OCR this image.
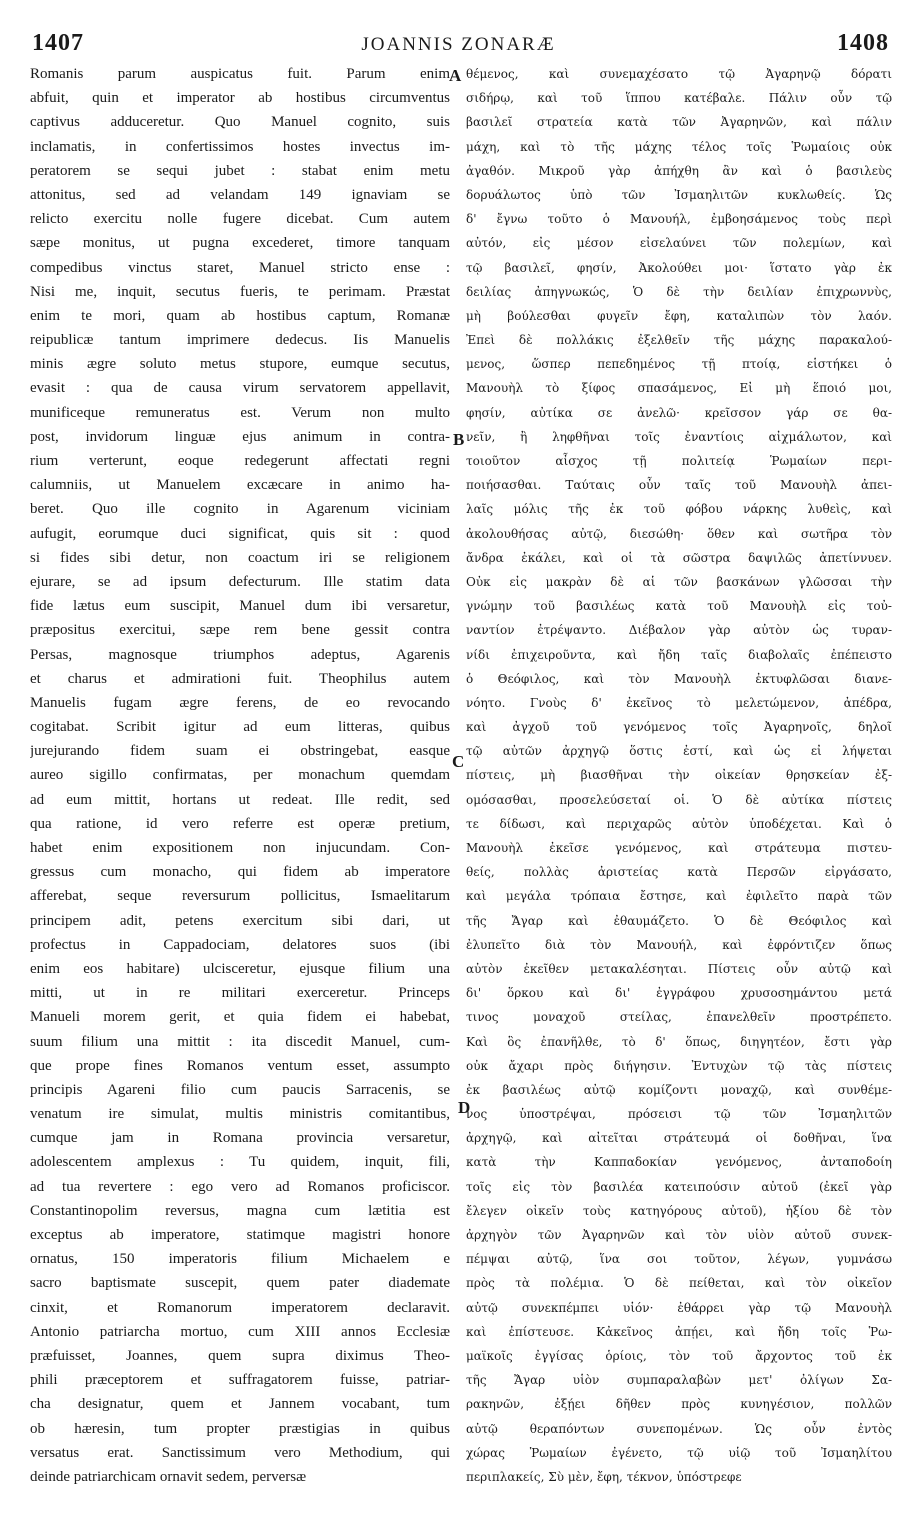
1407	JOANNIS ZONARÆ	1408
Romanis parum auspicatus fuit. Parum enim
abfuit, quin et imperator ab hostibus circumventus
captivus adduceretur. Quo Manuel cognito, suis
inclamatis, in confertissimos hostes invectus im-
peratorem se sequi jubet : stabat enim metu
attonitus, sed ad velandam 149 ignaviam se
relicto exercitu nolle fugere dicebat. Cum autem
sæpe monitus, ut pugna excederet, timore tanquam
compedibus vinctus staret, Manuel stricto ense :
Nisi me, inquit, secutus fueris, te perimam. Præstat
enim te mori, quam ab hostibus captum, Romanæ
reipublicæ tantum imprimere dedecus. Iis Manuelis
minis ægre soluto metus stupore, eumque secutus,
evasit : qua de causa virum servatorem appellavit,
munificeque remuneratus est. Verum non multo
post, invidorum linguæ ejus animum in contra-
rium verterunt, eoque redegerunt affectati regni
calumniis, ut Manuelem excæcare in animo ha-
beret. Quo ille cognito in Agarenum viciniam
aufugit, eorumque duci significat, quis sit : quod
si fides sibi detur, non coactum iri se religionem
ejurare, se ad ipsum defecturum. Ille statim data
fide lætus eum suscipit, Manuel dum ibi versaretur,
præpositus exercitui, sæpe rem bene gessit contra
Persas, magnosque triumphos adeptus, Agarenis
et charus et admirationi fuit. Theophilus autem
Manuelis fugam ægre ferens, de eo revocando
cogitabat. Scribit igitur ad eum litteras, quibus
jurejurando fidem suam ei obstringebat, easque
aureo sigillo confirmatas, per monachum quemdam
ad eum mittit, hortans ut redeat. Ille redit, sed
qua ratione, id vero referre est operæ pretium,
habet enim expositionem non injucundam. Con-
gressus cum monacho, qui fidem ab imperatore
afferebat, seque reversurum pollicitus, Ismaelitarum
principem adit, petens exercitum sibi dari, ut
profectus in Cappadociam, delatores suos (ibi
enim eos habitare) ulcisceretur, ejusque filium una
mitti, ut in re militari exerceretur. Princeps
Manueli morem gerit, et quia fidem ei habebat,
suum filium una mittit : ita discedit Manuel, cum-
que prope fines Romanos ventum esset, assumpto
principis Agareni filio cum paucis Sarracenis, se
venatum ire simulat, multis ministris comitantibus,
cumque jam in Romana provincia versaretur,
adolescentem amplexus : Tu quidem, inquit, fili,
ad tua revertere : ego vero ad Romanos proficiscor.
Constantinopolim reversus, magna cum lætitia est
exceptus ab imperatore, statimque magistri honore
ornatus, 150 imperatoris filium Michaelem e
sacro baptismate suscepit, quem pater diademate
cinxit, et Romanorum imperatorem declaravit.
Antonio patriarcha mortuo, cum XIII annos Ecclesiæ
præfuisset, Joannes, quem supra diximus Theo-
phili præceptorem et suffragatorem fuisse, patriar-
cha designatur, quem et Jannem vocabant, tum
ob hæresin, tum propter præstigias in quibus
versatus erat. Sanctissimum vero Methodium, qui
deinde patriarchicam ornavit sedem, perversæ
θέμενος, καὶ συνεμαχέσατο τῷ Ἀγαρηνῷ δόρατι
σιδήρῳ, καὶ τοῦ ἵππου κατέβαλε. Πάλιν οὖν τῷ
βασιλεῖ στρατεία κατὰ τῶν Ἀγαρηνῶν, καὶ πάλιν
μάχη, καὶ τὸ τῆς μάχης τέλος τοῖς Ῥωμαίοις οὐκ
ἀγαθόν. Μικροῦ γὰρ ἀπήχθη ἂν καὶ ὁ βασιλεὺς
δορυάλωτος ὑπὸ τῶν Ἰσμαηλιτῶν κυκλωθείς. Ὡς
δ' ἔγνω τοῦτο ὁ Μανουήλ, ἐμβοησάμενος τοὺς περὶ
αὐτόν, εἰς μέσον εἰσελαύνει τῶν πολεμίων, καὶ
τῷ βασιλεῖ, φησίν, Ἀκολούθει μοι· ἵστατο γὰρ ἐκ
δειλίας ἀπηγνωκώς, Ὁ δὲ τὴν δειλίαν ἐπιχρωννὺς,
μὴ βούλεσθαι φυγεῖν ἔφη, καταλιπὼν τὸν λαόν.
Ἐπεὶ δὲ πολλάκις ἐξελθεῖν τῆς μάχης παρακαλού-
μενος, ὥσπερ πεπεδημένος τῇ πτοίᾳ, εἱστήκει ὁ
Μανουὴλ τὸ ξίφος σπασάμενος, Εἰ μὴ ἕποιό μοι,
φησίν, αὐτίκα σε ἀνελῶ· κρεῖσσον γάρ σε θα-
νεῖν, ἢ ληφθῆναι τοῖς ἐναντίοις αἰχμάλωτον, καὶ
τοιοῦτον αἶσχος τῇ πολιτείᾳ Ῥωμαίων περι-
ποιήσασθαι. Ταύταις οὖν ταῖς τοῦ Μανουὴλ ἀπει-
λαῖς μόλις τῆς ἐκ τοῦ φόβου νάρκης λυθεὶς, καὶ
ἀκολουθήσας αὐτῷ, διεσώθη· ὅθεν καὶ σωτῆρα τὸν
ἄνδρα ἐκάλει, καὶ οἱ τὰ σῶστρα δαψιλῶς ἀπετίννυεν.
Οὐκ εἰς μακρὰν δὲ αἱ τῶν βασκάνων γλῶσσαι τὴν
γνώμην τοῦ βασιλέως κατὰ τοῦ Μανουὴλ εἰς τοὐ-
ναντίον ἐτρέψαντο. Διέβαλον γὰρ αὐτὸν ὡς τυραν-
νίδι ἐπιχειροῦντα, καὶ ἤδη ταῖς διαβολαῖς ἐπέπειστο
ὁ Θεόφιλος, καὶ τὸν Μανουὴλ ἐκτυφλῶσαι διανε-
νόητο. Γνοὺς δ' ἐκεῖνος τὸ μελετώμενον, ἀπέδρα,
καὶ ἀγχοῦ τοῦ γενόμενος τοῖς Ἀγαρηνοῖς, δηλοῖ
τῷ αὐτῶν ἀρχηγῷ ὅστις ἐστί, καὶ ὡς εἰ λήψεται
πίστεις, μὴ βιασθῆναι τὴν οἰκείαν θρησκείαν ἐξ-
ομόσασθαι, προσελεύσεταί οἱ. Ὁ δὲ αὐτίκα πίστεις
τε δίδωσι, καὶ περιχαρῶς αὐτὸν ὑποδέχεται. Καὶ ὁ
Μανουὴλ ἐκεῖσε γενόμενος, καὶ στράτευμα πιστευ-
θείς, πολλὰς ἀριστείας κατὰ Περσῶν εἰργάσατο,
καὶ μεγάλα τρόπαια ἔστησε, καὶ ἐφιλεῖτο παρὰ τῶν
τῆς Ἄγαρ καὶ ἐθαυμάζετο. Ὁ δὲ Θεόφιλος καὶ
ἐλυπεῖτο διὰ τὸν Μανουήλ, καὶ ἐφρόντιζεν ὅπως
αὐτὸν ἐκεῖθεν μετακαλέσηται. Πίστεις οὖν αὐτῷ καὶ
δι' ὅρκου καὶ δι' ἐγγράφου χρυσοσημάντου μετά
τινος μοναχοῦ στείλας, ἐπανελθεῖν προστρέπετο.
Καὶ ὃς ἐπανῆλθε, τὸ δ' ὅπως, διηγητέον, ἔστι γὰρ
οὐκ ἄχαρι πρὸς διήγησιν. Ἐντυχὼν τῷ τὰς πίστεις
ἐκ βασιλέως αὐτῷ κομίζοντι μοναχῷ, καὶ συνθέμε-
νος ὑποστρέψαι, πρόσεισι τῷ τῶν Ἰσμαηλιτῶν
ἀρχηγῷ, καὶ αἰτεῖται στράτευμά οἱ δοθῆναι, ἵνα
κατὰ τὴν Καππαδοκίαν γενόμενος, ἀνταποδοίη
τοῖς εἰς τὸν βασιλέα κατειπούσιν αὐτοῦ (ἐκεῖ γὰρ
ἔλεγεν οἰκεῖν τοὺς κατηγόρους αὐτοῦ), ἠξίου δὲ τὸν
ἀρχηγὸν τῶν Ἀγαρηνῶν καὶ τὸν υἱὸν αὐτοῦ συνεκ-
πέμψαι αὐτῷ, ἵνα σοι τοῦτον, λέγων, γυμνάσω
πρὸς τὰ πολέμια. Ὁ δὲ πείθεται, καὶ τὸν οἰκεῖον
αὐτῷ συνεκπέμπει υἱόν· ἐθάρρει γὰρ τῷ Μανουὴλ
καὶ ἐπίστευσε. Κἀκεῖνος ἀπῄει, καὶ ἤδη τοῖς Ῥω-
μαϊκοῖς ἐγγίσας ὁρίοις, τὸν τοῦ ἄρχοντος τοῦ ἐκ
τῆς Ἄγαρ υἱὸν συμπαραλαβὼν μετ' ὀλίγων Σα-
ρακηνῶν, ἐξῄει δῆθεν πρὸς κυνηγέσιον, πολλῶν
αὐτῷ θεραπόντων συνεπομένων. Ὡς οὖν ἐντὸς
χώρας Ῥωμαίων ἐγένετο, τῷ υἱῷ τοῦ Ἰσμαηλίτου
περιπλακείς, Σὺ μὲν, ἔφη, τέκνον, ὑπόστρεφε
A
B
C
D
